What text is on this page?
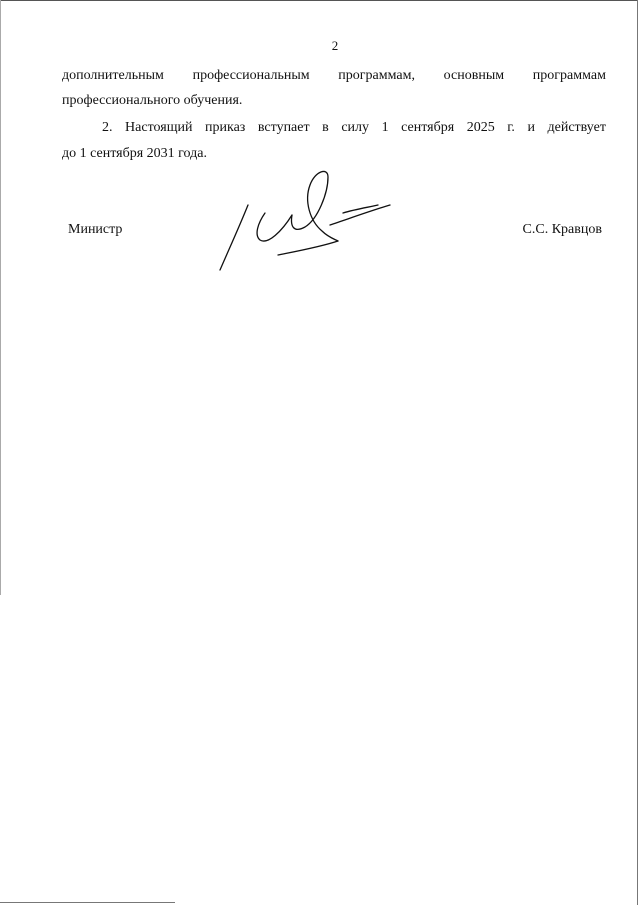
2
дополнительным профессиональным программам, основным программам
профессионального обучения.
2. Настоящий приказ вступает в силу 1 сентября 2025 г. и действует
до 1 сентября 2031 года.
Министр	С.С. Кравцов
